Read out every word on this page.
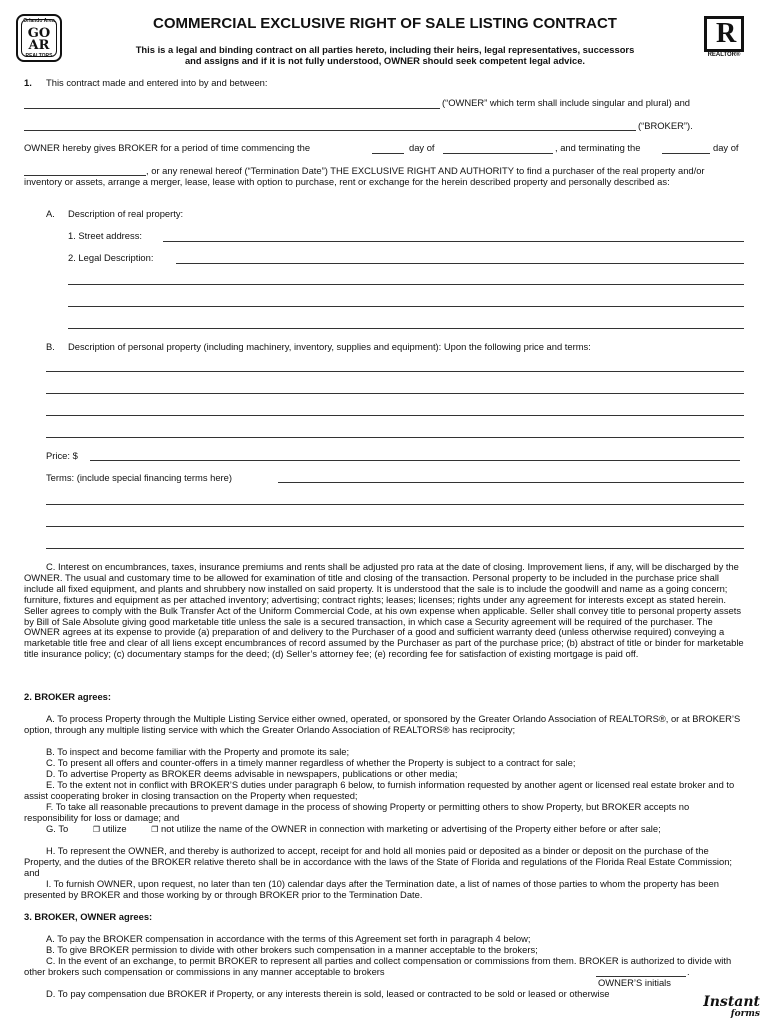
Orlando Area
GO AR
REALTORS
R
REALTOR®
COMMERCIAL EXCLUSIVE RIGHT OF SALE LISTING CONTRACT
This is a legal and binding contract on all parties hereto, including their heirs, legal representatives, successors
and assigns and if it is not fully understood, OWNER should seek competent legal advice.
1. This contract made and entered into by and between:
(“OWNER” which term shall include singular and plural) and
(“BROKER”).
OWNER hereby gives BROKER for a period of time commencing the	day of	, and terminating the	day of
, or any renewal hereof (“Termination Date”) THE EXCLUSIVE RIGHT AND AUTHORITY to find a purchaser of the real property and/or inventory or assets, arrange a merger, lease, lease with option to purchase, rent or exchange for the herein described property and personally described as:
A. Description of real property:
1. Street address:
2. Legal Description:
B. Description of personal property (including machinery, inventory, supplies and equipment): Upon the following price and terms:
Price: $
Terms: (include special financing terms here)
C. Interest on encumbrances, taxes, insurance premiums and rents shall be adjusted pro rata at the date of closing. Improvement liens, if any, will be discharged by the OWNER. The usual and customary time to be allowed for examination of title and closing of the transaction. Personal property to be included in the purchase price shall include all fixed equipment, and plants and shrubbery now installed on said property. It is understood that the sale is to include the goodwill and name as a going concern; furniture, fixtures and equipment as per attached inventory; advertising; contract rights; leases; licenses; rights under any agreement for interests except as stated herein. Seller agrees to comply with the Bulk Transfer Act of the Uniform Commercial Code, at his own expense when applicable. Seller shall convey title to personal property assets by Bill of Sale Absolute giving good marketable title unless the sale is a secured transaction, in which case a Security agreement will be required of the purchaser. The OWNER agrees at its expense to provide (a) preparation of and delivery to the Purchaser of a good and sufficient warranty deed (unless otherwise required) conveying a marketable title free and clear of all liens except encumbrances of record assumed by the Purchaser as part of the purchase price; (b) abstract of title or binder for marketable title insurance policy; (c) documentary stamps for the deed; (d) Seller’s attorney fee; (e) recording fee for satisfaction of existing mortgage is paid off.
2. BROKER agrees:
A. To process Property through the Multiple Listing Service either owned, operated, or sponsored by the Greater Orlando Association of REALTORS®, or at BROKER’S option, through any multiple listing service with which the Greater Orlando Association of REALTORS® has reciprocity;
B. To inspect and become familiar with the Property and promote its sale;
C. To present all offers and counter-offers in a timely manner regardless of whether the Property is subject to a contract for sale;
D. To advertise Property as BROKER deems advisable in newspapers, publications or other media;
E. To the extent not in conflict with BROKER’S duties under paragraph 6 below, to furnish information requested by another agent or licensed real estate broker and to assist cooperating broker in closing transaction on the Property when requested;
F. To take all reasonable precautions to prevent damage in the process of showing Property or permitting others to show Property, but BROKER accepts no responsibility for loss or damage; and
G. To	❐ utilize	❐ not utilize the name of the OWNER in connection with marketing or advertising of the Property either before or after sale;
H. To represent the OWNER, and thereby is authorized to accept, receipt for and hold all monies paid or deposited as a binder or deposit on the purchase of the Property, and the duties of the BROKER relative thereto shall be in accordance with the laws of the State of Florida and regulations of the Florida Real Estate Commission; and
I. To furnish OWNER, upon request, no later than ten (10) calendar days after the Termination date, a list of names of those parties to whom the property has been presented by BROKER and those working by or through BROKER prior to the Termination Date.
3. BROKER, OWNER agrees:
A. To pay the BROKER compensation in accordance with the terms of this Agreement set forth in paragraph 4 below;
B. To give BROKER permission to divide with other brokers such compensation in a manner acceptable to the brokers;
C. In the event of an exchange, to permit BROKER to represent all parties and collect compensation or commissions from them. BROKER is authorized to divide with other brokers such compensation or commissions in any manner acceptable to brokers	.
OWNER’S initials
D. To pay compensation due BROKER if Property, or any interests therein is sold, leased or contracted to be sold or leased or otherwise
Instant
forms
